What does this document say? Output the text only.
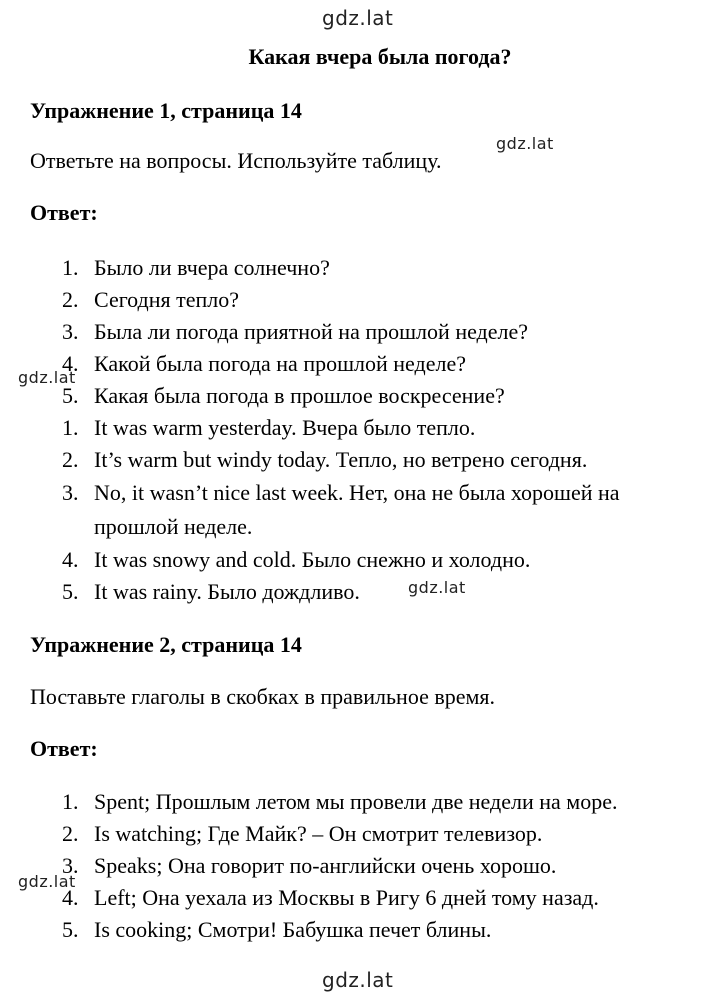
gdz.lat
gdz.lat
gdz.lat
gdz.lat
gdz.lat
gdz.lat
Какая вчера была погода?
Упражнение 1, страница 14

Ответьте на вопросы. Используйте таблицу.

Ответ:
1. Было ли вчера солнечно?
2. Сегодня тепло?
3. Была ли погода приятной на прошлой неделе?
4. Какой была погода на прошлой неделе?
5. Какая была погода в прошлое воскресение?
1. It was warm yesterday. Вчера было тепло.
2. It’s warm but windy today. Тепло, но ветрено сегодня.
3. No, it wasn’t nice last week. Нет, она не была хорошей на прошлой неделе.
4. It was snowy and cold. Было снежно и холодно.
5. It was rainy. Было дождливо.
Упражнение 2, страница 14

Поставьте глаголы в скобках в правильное время.

Ответ:
1. Spent; Прошлым летом мы провели две недели на море.
2. Is watching; Где Майк? – Он смотрит телевизор.
3. Speaks; Она говорит по-английски очень хорошо.
4. Left; Она уехала из Москвы в Ригу 6 дней тому назад.
5. Is cooking; Смотри! Бабушка печет блины.
